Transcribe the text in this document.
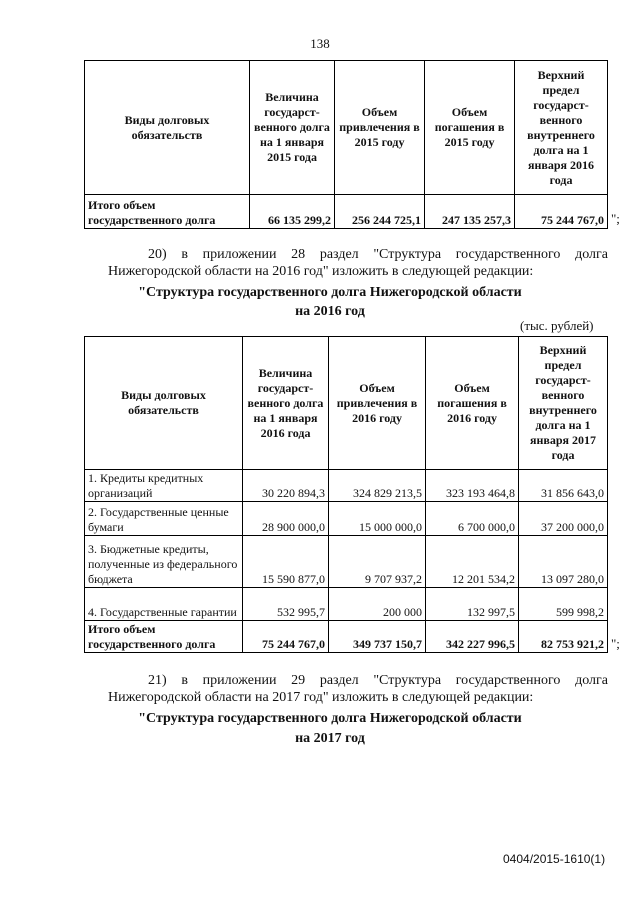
138
Виды долговых обязательств	Величина государст-венного долга на 1 января 2015 года	Объем привлечения в 2015 году	Объем погашения в 2015 году	Верхний предел государст-венного внутреннего долга на 1 января 2016 года
Итого объем государственного долга	66 135 299,2	256 244 725,1	247 135 257,3	75 244 767,0 ";

20) в приложении 28 раздел "Структура государственного долга Нижегородской области на 2016 год" изложить в следующей редакции:

"Структура государственного долга Нижегородской области
на 2016 год
(тыс. рублей)
Виды долговых обязательств	Величина государст-венного долга на 1 января 2016 года	Объем привлечения в 2016 году	Объем погашения в 2016 году	Верхний предел государст-венного внутреннего долга на 1 января 2017 года
1. Кредиты кредитных организаций	30 220 894,3	324 829 213,5	323 193 464,8	31 856 643,0
2. Государственные ценные бумаги	28 900 000,0	15 000 000,0	6 700 000,0	37 200 000,0
3. Бюджетные кредиты, полученные из федерального бюджета	15 590 877,0	9 707 937,2	12 201 534,2	13 097 280,0
4. Государственные гарантии	532 995,7	200 000	132 997,5	599 998,2
Итого объем государственного долга	75 244 767,0	349 737 150,7	342 227 996,5	82 753 921,2 ";

21) в приложении 29 раздел "Структура государственного долга Нижегородской области на 2017 год" изложить в следующей редакции:

"Структура государственного долга Нижегородской области
на 2017 год
0404/2015-1610(1)
